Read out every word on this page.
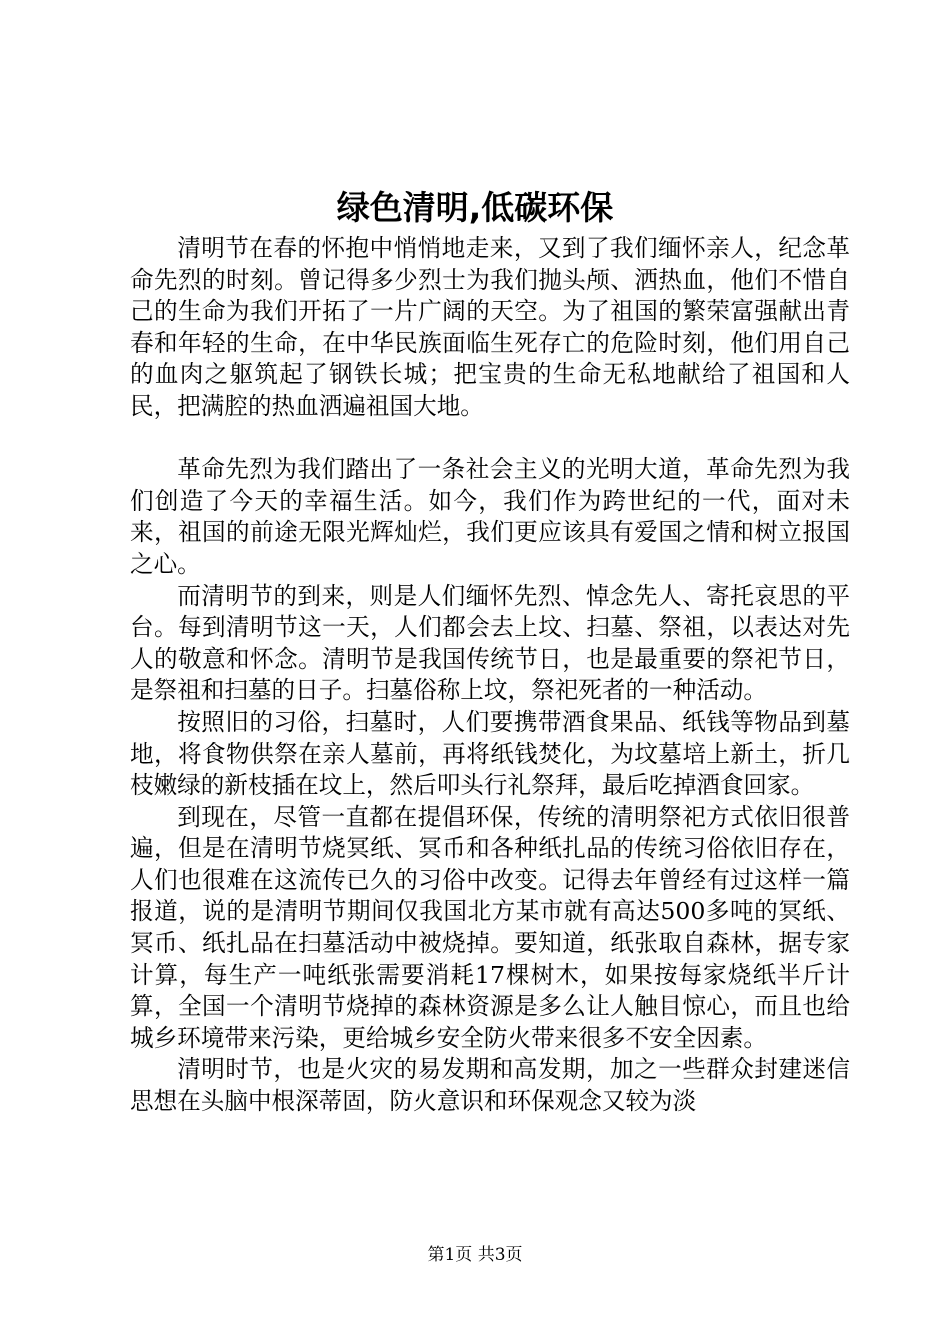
绿色清明,低碳环保

清明节在春的怀抱中悄悄地走来，又到了我们缅怀亲人，纪念革命先烈的时刻。曾记得多少烈士为我们抛头颅、洒热血，他们不惜自己的生命为我们开拓了一片广阔的天空。为了祖国的繁荣富强献出青春和年轻的生命，在中华民族面临生死存亡的危险时刻，他们用自己的血肉之躯筑起了钢铁长城；把宝贵的生命无私地献给了祖国和人民，把满腔的热血洒遍祖国大地。

革命先烈为我们踏出了一条社会主义的光明大道，革命先烈为我们创造了今天的幸福生活。如今，我们作为跨世纪的一代，面对未来，祖国的前途无限光辉灿烂，我们更应该具有爱国之情和树立报国之心。

而清明节的到来，则是人们缅怀先烈、悼念先人、寄托哀思的平台。每到清明节这一天，人们都会去上坟、扫墓、祭祖，以表达对先人的敬意和怀念。清明节是我国传统节日，也是最重要的祭祀节日，是祭祖和扫墓的日子。扫墓俗称上坟，祭祀死者的一种活动。

按照旧的习俗，扫墓时，人们要携带酒食果品、纸钱等物品到墓地，将食物供祭在亲人墓前，再将纸钱焚化，为坟墓培上新土，折几枝嫩绿的新枝插在坟上，然后叩头行礼祭拜，最后吃掉酒食回家。

到现在，尽管一直都在提倡环保，传统的清明祭祀方式依旧很普遍，但是在清明节烧冥纸、冥币和各种纸扎品的传统习俗依旧存在，人们也很难在这流传已久的习俗中改变。记得去年曾经有过这样一篇报道，说的是清明节期间仅我国北方某市就有高达500多吨的冥纸、冥币、纸扎品在扫墓活动中被烧掉。要知道，纸张取自森林，据专家计算，每生产一吨纸张需要消耗17棵树木，如果按每家烧纸半斤计算，全国一个清明节烧掉的森林资源是多么让人触目惊心，而且也给城乡环境带来污染，更给城乡安全防火带来很多不安全因素。

清明时节，也是火灾的易发期和高发期，加之一些群众封建迷信思想在头脑中根深蒂固，防火意识和环保观念又较为淡

第1页 共3页
